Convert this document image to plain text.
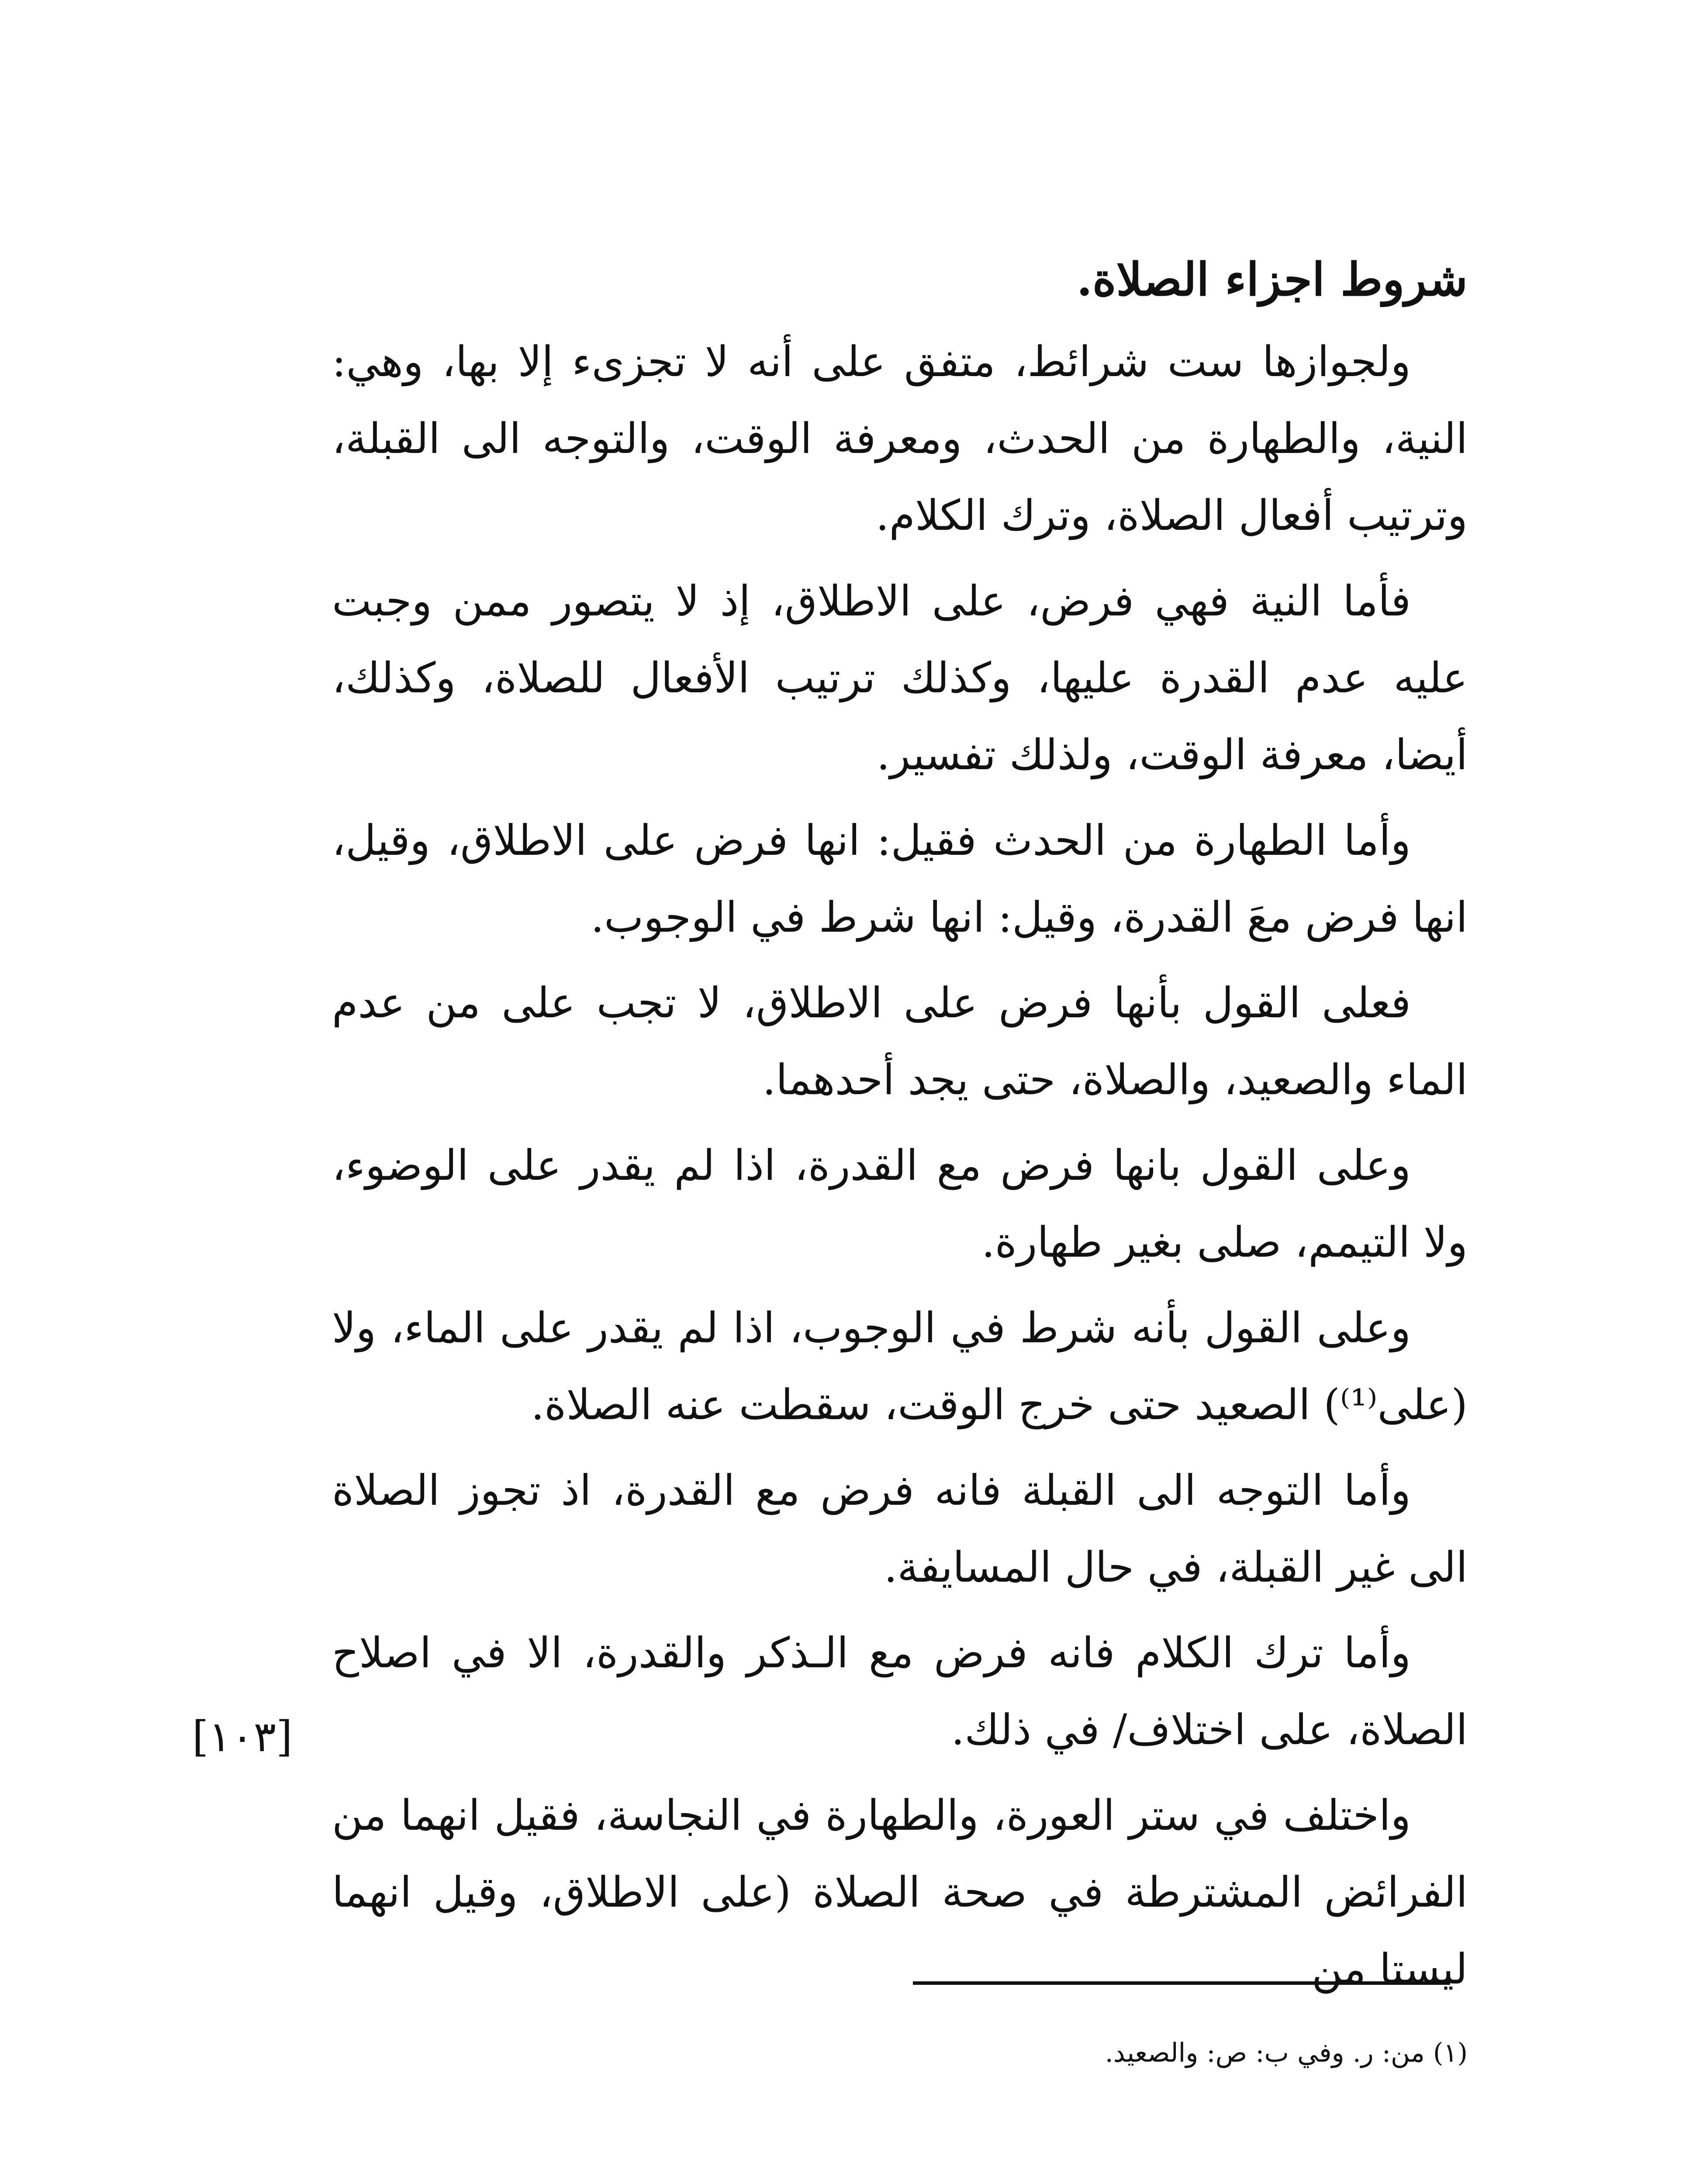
شروط اجزاء الصلاة.

ولجوازها ست شرائط، متفق على أنه لا تجزىء إلا بها، وهي: النية، والطهارة من الحدث، ومعرفة الوقت، والتوجه الى القبلة، وترتيب أفعال الصلاة، وترك الكلام.

فأما النية فهي فرض، على الاطلاق، إذ لا يتصور ممن وجبت عليه عدم القدرة عليها، وكذلك ترتيب الأفعال للصلاة، وكذلك، أيضا، معرفة الوقت، ولذلك تفسير.

وأما الطهارة من الحدث فقيل: انها فرض على الاطلاق، وقيل، انها فرض معَ القدرة، وقيل: انها شرط في الوجوب.

فعلى القول بأنها فرض على الاطلاق، لا تجب على من عدم الماء والصعيد، والصلاة، حتى يجد أحدهما.

وعلى القول بانها فرض مع القدرة، اذا لم يقدر على الوضوء، ولا التيمم، صلى بغير طهارة.

وعلى القول بأنه شرط في الوجوب، اذا لم يقدر على الماء، ولا (على⁽¹⁾) الصعيد حتى خرج الوقت، سقطت عنه الصلاة.

وأما التوجه الى القبلة فانه فرض مع القدرة، اذ تجوز الصلاة الى غير القبلة، في حال المسايفة.

وأما ترك الكلام فانه فرض مع الـذكر والقدرة، الا في اصلاح الصلاة، على اختلاف/ في ذلك.

واختلف في ستر العورة، والطهارة في النجاسة، فقيل انهما من الفرائض المشترطة في صحة الصلاة (على الاطلاق، وقيل انهما ليستا من

[١٠٣]
(١) من: ر. وفي ب: ص: والصعيد.
